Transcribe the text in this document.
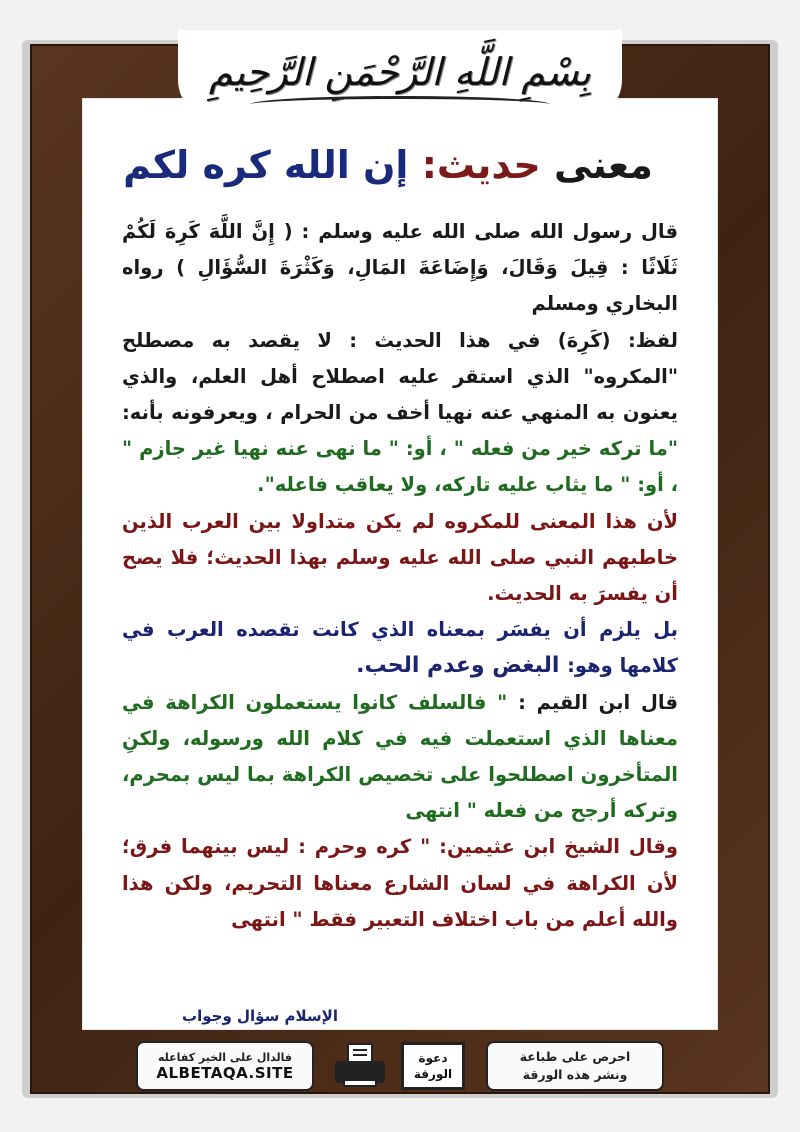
بِسْمِ اللَّهِ الرَّحْمَنِ الرَّحِيمِ
معنى حديث: إن الله كره لكم

قال رسول الله صلى الله عليه وسلم : ( إِنَّ اللَّهَ كَرِهَ لَكُمْ ثَلَاثًا : قِيلَ وَقَالَ، وَإِضَاعَةَ المَالِ، وَكَثْرَةَ السُّؤَالِ ) رواه البخاري ومسلم

لفظ: (كَرِهَ) في هذا الحديث : لا يقصد به مصطلح "المكروه" الذي استقر عليه اصطلاح أهل العلم، والذي يعنون به المنهي عنه نهيا أخف من الحرام ، ويعرفونه بأنه: "ما تركه خير من فعله " ، أو: " ما نهى عنه نهيا غير جازم " ، أو: " ما يثاب عليه تاركه، ولا يعاقب فاعله".

لأن هذا المعنى للمكروه لم يكن متداولا بين العرب الذين خاطبهم النبي صلى الله عليه وسلم بهذا الحديث؛ فلا يصح أن يفسرَ به الحديث.

بل يلزم أن يفسَر بمعناه الذي كانت تقصده العرب في كلامها وهو: البغض وعدم الحب.

قال ابن القيم : " فالسلف كانوا يستعملون الكراهة في معناها الذي استعملت فيه في كلام الله ورسوله، ولكنِ المتأخرون اصطلحوا على تخصيص الكراهة بما ليس بمحرم، وتركه أرجح من فعله " انتهى

وقال الشيخ ابن عثيمين: " كره وحرم : ليس بينهما فرق؛ لأن الكراهة في لسان الشارع معناها التحريم، ولكن هذا والله أعلم من باب اختلاف التعبير فقط " انتهى

الإسلام سؤال وجواب
فالدال على الخير كفاعله
ALBETAQA.SITE
دعوة
الورقة
احرص على طباعة
ونشر هذه الورقة
